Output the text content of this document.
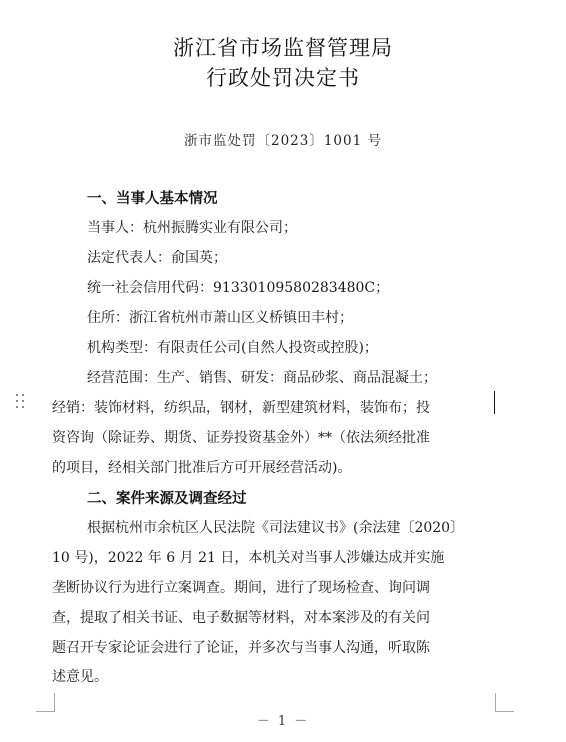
浙江省市场监督管理局
行政处罚决定书
浙市监处罚〔2023〕1001 号
一、当事人基本情况
当事人：杭州振腾实业有限公司；
法定代表人：俞国英；
统一社会信用代码：91330109580283480C；
住所：浙江省杭州市萧山区义桥镇田丰村；
机构类型：有限责任公司(自然人投资或控股)；
经营范围：生产、销售、研发：商品砂浆、商品混凝土；
经销：装饰材料，纺织品，钢材，新型建筑材料，装饰布；投
资咨询（除证券、期货、证券投资基金外）**（依法须经批准
的项目，经相关部门批准后方可开展经营活动)。
二、案件来源及调查经过
根据杭州市余杭区人民法院《司法建议书》(余法建〔2020〕
10 号)，2022 年 6 月 21 日，本机关对当事人涉嫌达成并实施
垄断协议行为进行立案调查。期间，进行了现场检查、询问调
查，提取了相关书证、电子数据等材料，对本案涉及的有关问
题召开专家论证会进行了论证，并多次与当事人沟通，听取陈
述意见。
－ 1 －
